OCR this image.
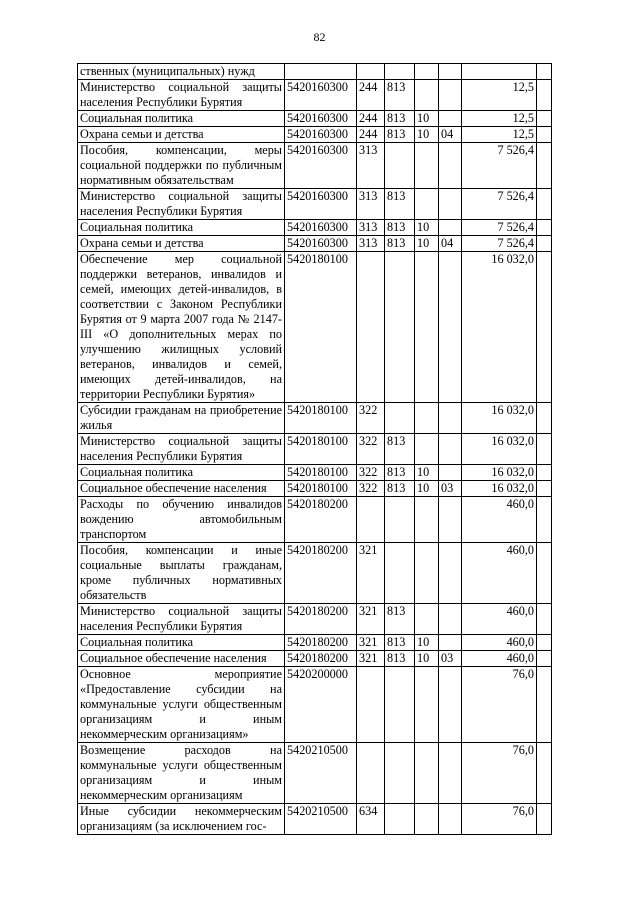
82
ственных (муниципальных) нужд							
Министерство социальной защиты населения Республики Бурятия	5420160300	244	813			12,5	
Социальная политика	5420160300	244	813	10		12,5	
Охрана семьи и детства	5420160300	244	813	10	04	12,5	
Пособия, компенсации, меры социальной поддержки по публичным нормативным обязательствам	5420160300	313				7 526,4	
Министерство социальной защиты населения Республики Бурятия	5420160300	313	813			7 526,4	
Социальная политика	5420160300	313	813	10		7 526,4	
Охрана семьи и детства	5420160300	313	813	10	04	7 526,4	
Обеспечение мер социальной поддержки ветеранов, инвалидов и семей, имеющих детей-инвалидов, в соответствии с Законом Республики Бурятия от 9 марта 2007 года № 2147-III «О дополнительных мерах по улучшению жилищных условий ветеранов, инвалидов и семей, имеющих детей-инвалидов, на территории Республики Бурятия»	5420180100					16 032,0	
Субсидии гражданам на приобретение жилья	5420180100	322				16 032,0	
Министерство социальной защиты населения Республики Бурятия	5420180100	322	813			16 032,0	
Социальная политика	5420180100	322	813	10		16 032,0	
Социальное обеспечение населения	5420180100	322	813	10	03	16 032,0	
Расходы по обучению инвалидов вождению автомобильным транспортом	5420180200					460,0	
Пособия, компенсации и иные социальные выплаты гражданам, кроме публичных нормативных обязательств	5420180200	321				460,0	
Министерство социальной защиты населения Республики Бурятия	5420180200	321	813			460,0	
Социальная политика	5420180200	321	813	10		460,0	
Социальное обеспечение населения	5420180200	321	813	10	03	460,0	
Основное мероприятие «Предоставление субсидии на коммунальные услуги общественным организациям и иным некоммерческим организациям»	5420200000					76,0	
Возмещение расходов на коммунальные услуги общественным организациям и иным некоммерческим организациям	5420210500					76,0	
Иные субсидии некоммерческим организациям (за исключением гос-	5420210500	634				76,0	
